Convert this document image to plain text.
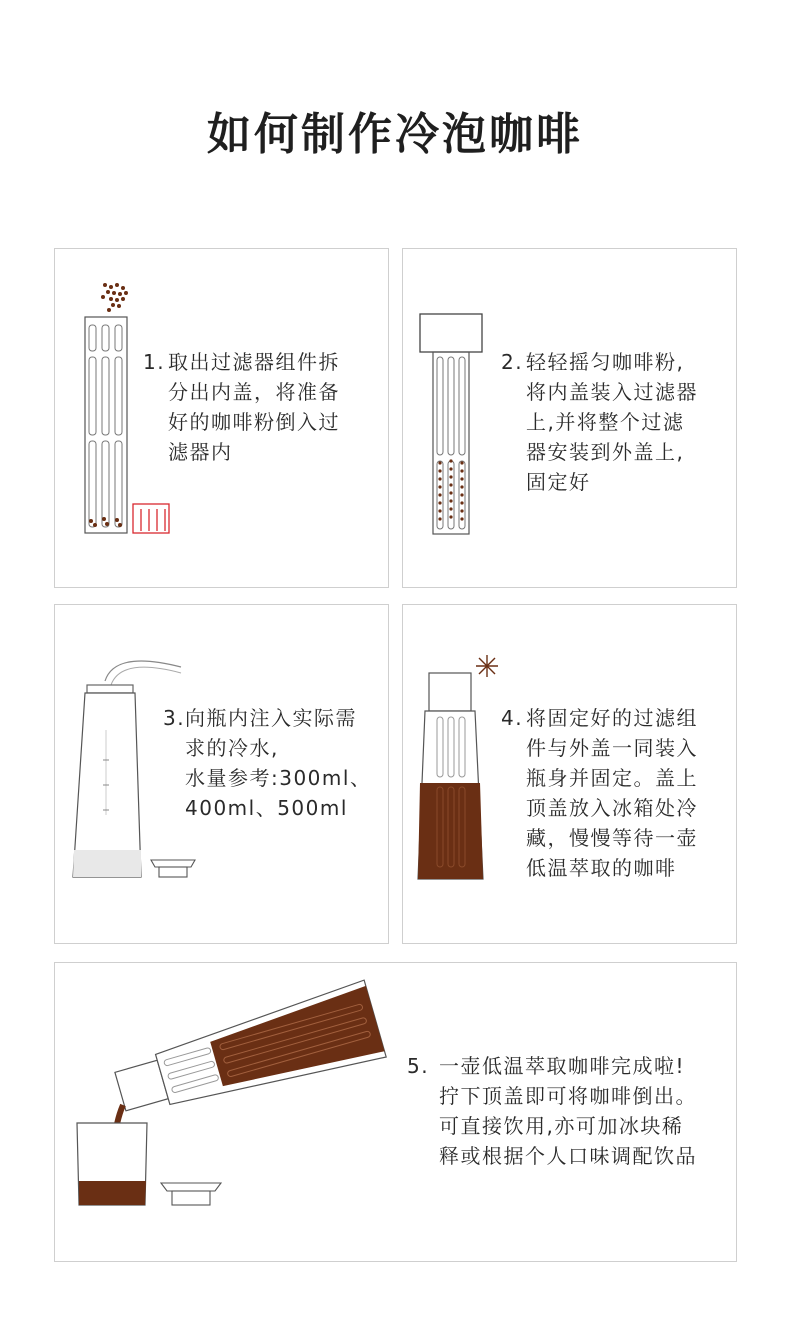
如何制作冷泡咖啡
1. 取出过滤器组件拆
分出内盖，将准备
好的咖啡粉倒入过
滤器内
2. 轻轻摇匀咖啡粉,
将内盖装入过滤器
上,并将整个过滤
器安装到外盖上,
固定好
3. 向瓶内注入实际需
求的冷水,
水量参考:300ml、
400ml、500ml
4. 将固定好的过滤组
件与外盖一同装入
瓶身并固定。盖上
顶盖放入冰箱处冷
藏，慢慢等待一壶
低温萃取的咖啡
5. 一壶低温萃取咖啡完成啦!
拧下顶盖即可将咖啡倒出。
可直接饮用,亦可加冰块稀
释或根据个人口味调配饮品
